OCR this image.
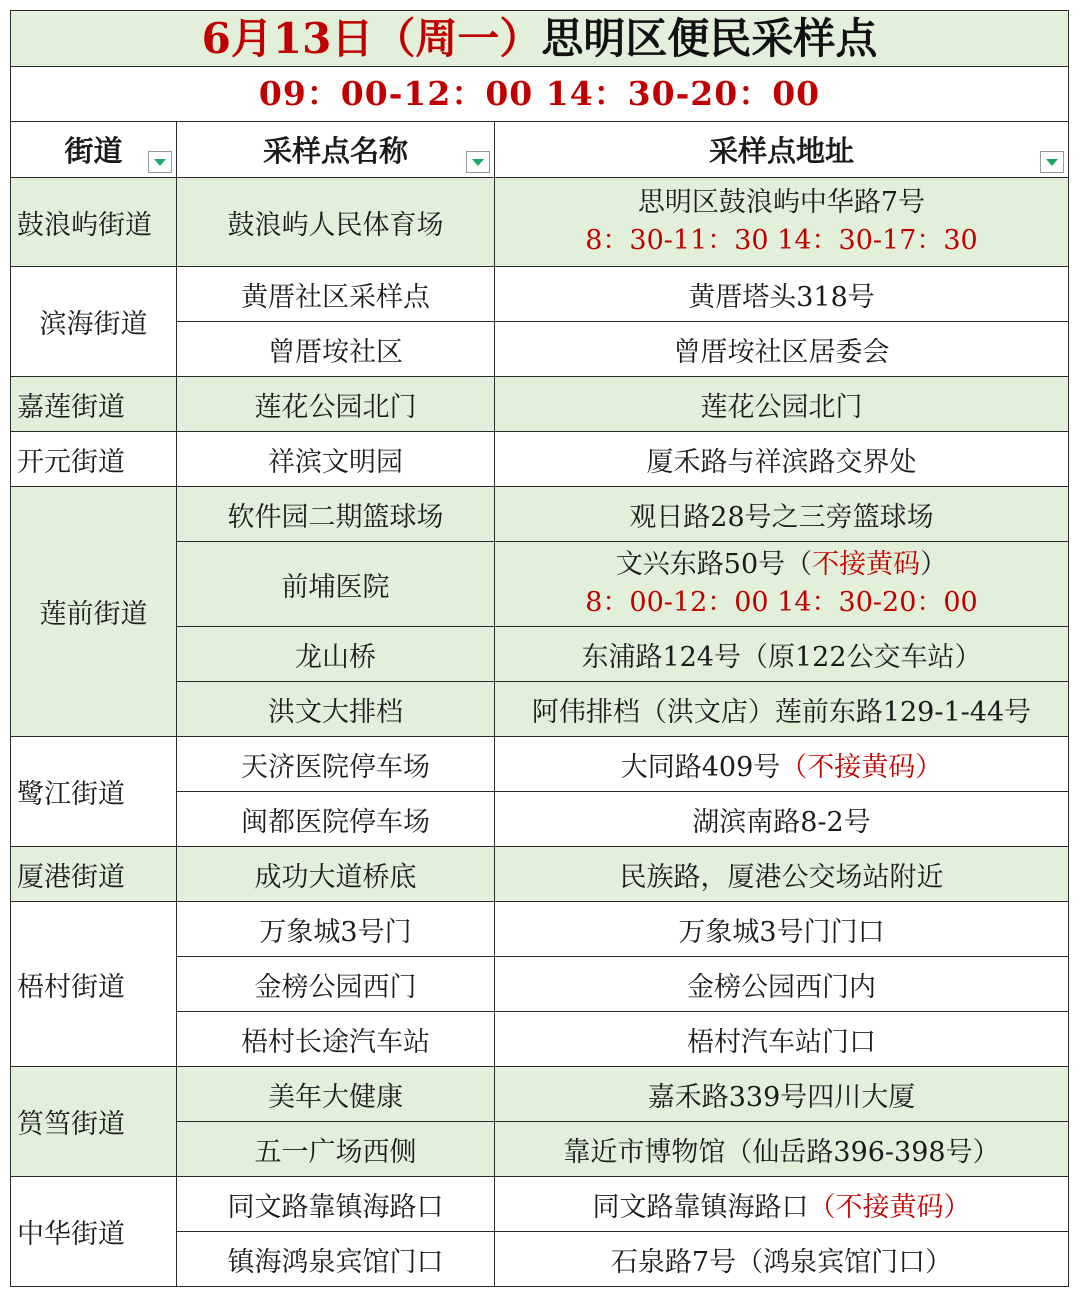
6月13日（周一）思明区便民采样点		
09：00-12：00 14：30-20：00		
街道	采样点名称	采样点地址

鼓浪屿街道	鼓浪屿人民体育场	思明区鼓浪屿中华路7号
8：30-11：30 14：30-17：30

滨海街道	黄厝社区采样点	黄厝塔头318号
	曾厝垵社区	曾厝垵社区居委会
嘉莲街道	莲花公园北门	莲花公园北门
开元街道	祥滨文明园	厦禾路与祥滨路交界处
莲前街道	软件园二期篮球场	观日路28号之三旁篮球场
	前埔医院	文兴东路50号（不接黄码）
8：00-12：00 14：30-20：00

	龙山桥	东浦路124号（原122公交车站）
	洪文大排档	阿伟排档（洪文店）莲前东路129-1-44号
鹭江街道	天济医院停车场	大同路409号（不接黄码）
	闽都医院停车场	湖滨南路8-2号
厦港街道	成功大道桥底	民族路，厦港公交场站附近
梧村街道	万象城3号门	万象城3号门门口
	金榜公园西门	金榜公园西门内
	梧村长途汽车站	梧村汽车站门口
筼筜街道	美年大健康	嘉禾路339号四川大厦
	五一广场西侧	靠近市博物馆（仙岳路396-398号）
中华街道	同文路靠镇海路口	同文路靠镇海路口（不接黄码）
	镇海鸿泉宾馆门口	石泉路7号（鸿泉宾馆门口）
